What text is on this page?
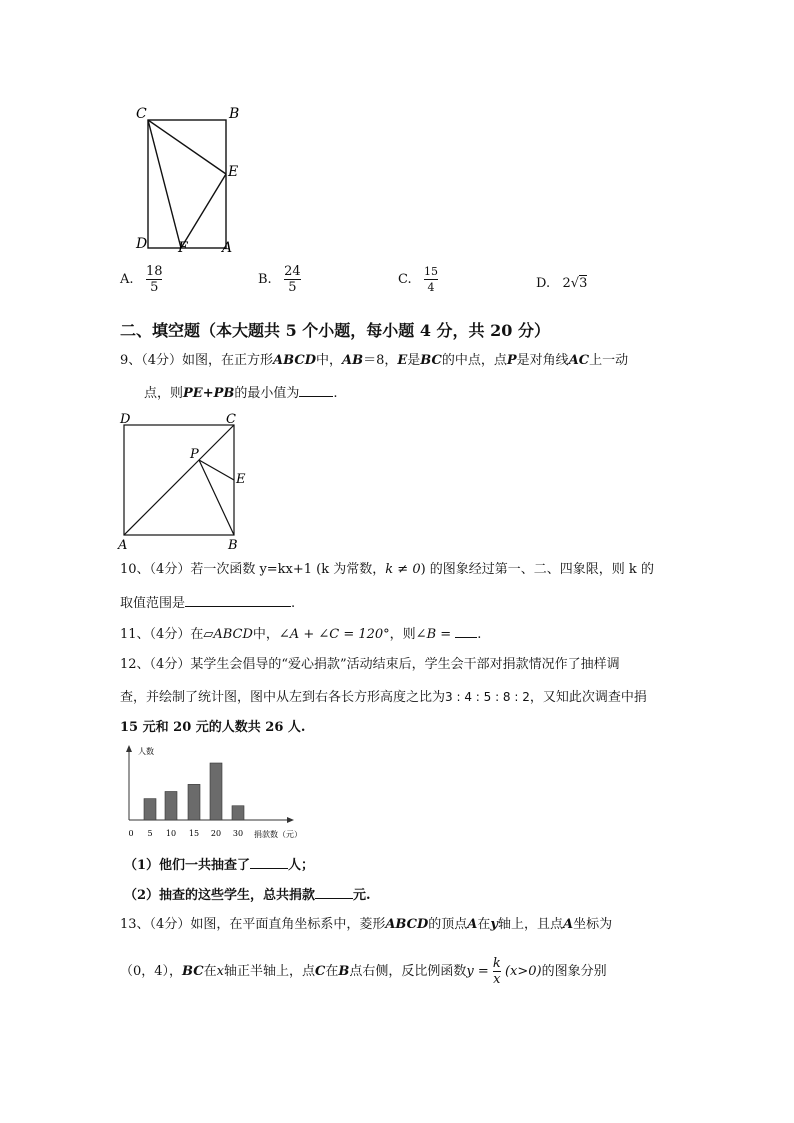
C	B
E
D F A
A. $\frac{18}{5}$	B. $\frac{24}{5}$	C. $\frac{15}{4}$	D. 2√3
二、填空题（本大题共 5 个小题，每小题 4 分，共 20 分）
9、（4分）如图，在正方形ABCD中，AB＝8，E是BC的中点，点P是对角线AC上一动
点，则PE+PB的最小值为	.
D	C
P
E
A	B
10、（4分）若一次函数 y=kx+1 (k 为常数，k ≠ 0) 的图象经过第一、二、四象限，则 k 的
取值范围是	.
11、（4分）在▱ABCD中，∠A + ∠C = 120°，则∠B = .
12、（4分）某学生会倡导的“爱心捐款”活动结束后，学生会干部对捐款情况作了抽样调
查，并绘制了统计图，图中从左到右各长方形高度之比为3 : 4 : 5 : 8 : 2，又知此次调查中捐
15 元和 20 元的人数共 26 人.
人数
捐款数（元）
0 5 10 15 20 30
（1）他们一共抽查了	人；
（2）抽查的这些学生，总共捐款	元.
13、（4分）如图，在平面直角坐标系中，菱形ABCD的顶点A在y轴上，且点A坐标为
（0，4），BC在x轴正半轴上，点C在B点右侧，反比例函数$y = \frac{k}{x} (x>0)$的图象分别
